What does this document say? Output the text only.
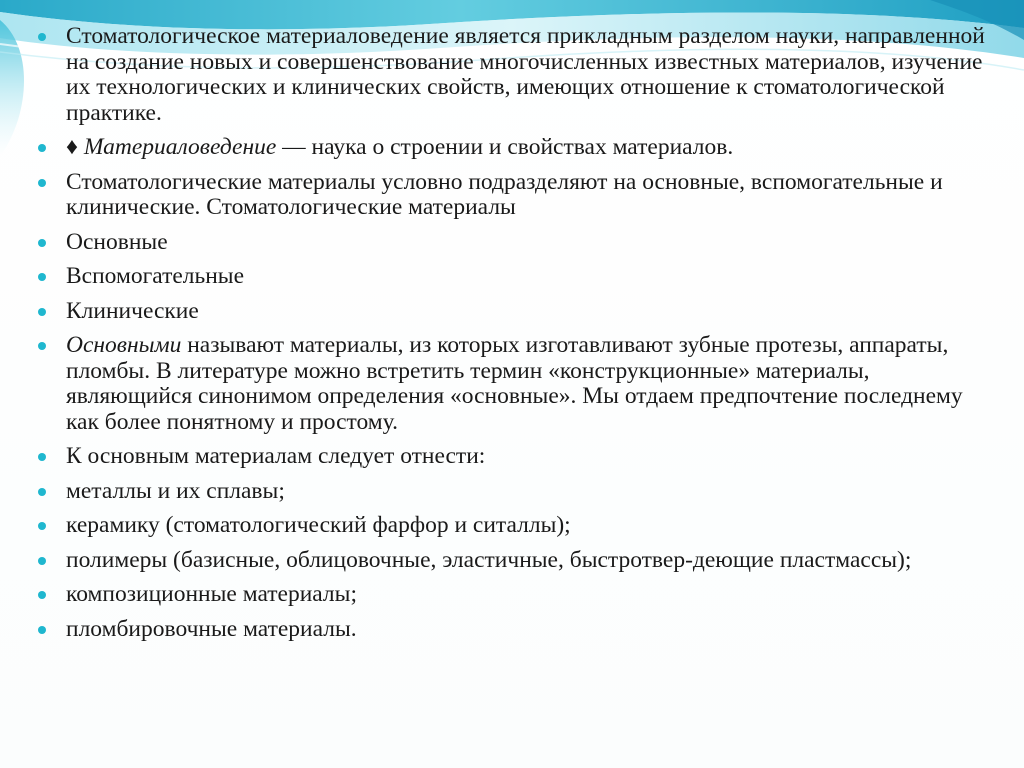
Стоматологическое материаловедение является прикладным разделом науки, направленной на создание новых и совершенствование многочисленных известных материалов, изучение их технологических и клинических свойств, имеющих отношение к стоматологической практике.
♦ Материаловедение — наука о строении и свойствах материалов.
Стоматологические материалы условно подразделяют на основные, вспомогательные и клинические. Стоматологические материалы
Основные
Вспомогательные
Клинические
Основными называют материалы, из которых изготавливают зубные протезы, аппараты, пломбы. В литературе можно встретить термин «конструкционные» материалы, являющийся синонимом определения «основные». Мы отдаем предпочтение последнему как более понятному и простому.
К основным материалам следует отнести:
металлы и их сплавы;
керамику (стоматологический фарфор и ситаллы);
полимеры (базисные, облицовочные, эластичные, быстротвер-деющие пластмассы);
композиционные материалы;
пломбировочные материалы.
